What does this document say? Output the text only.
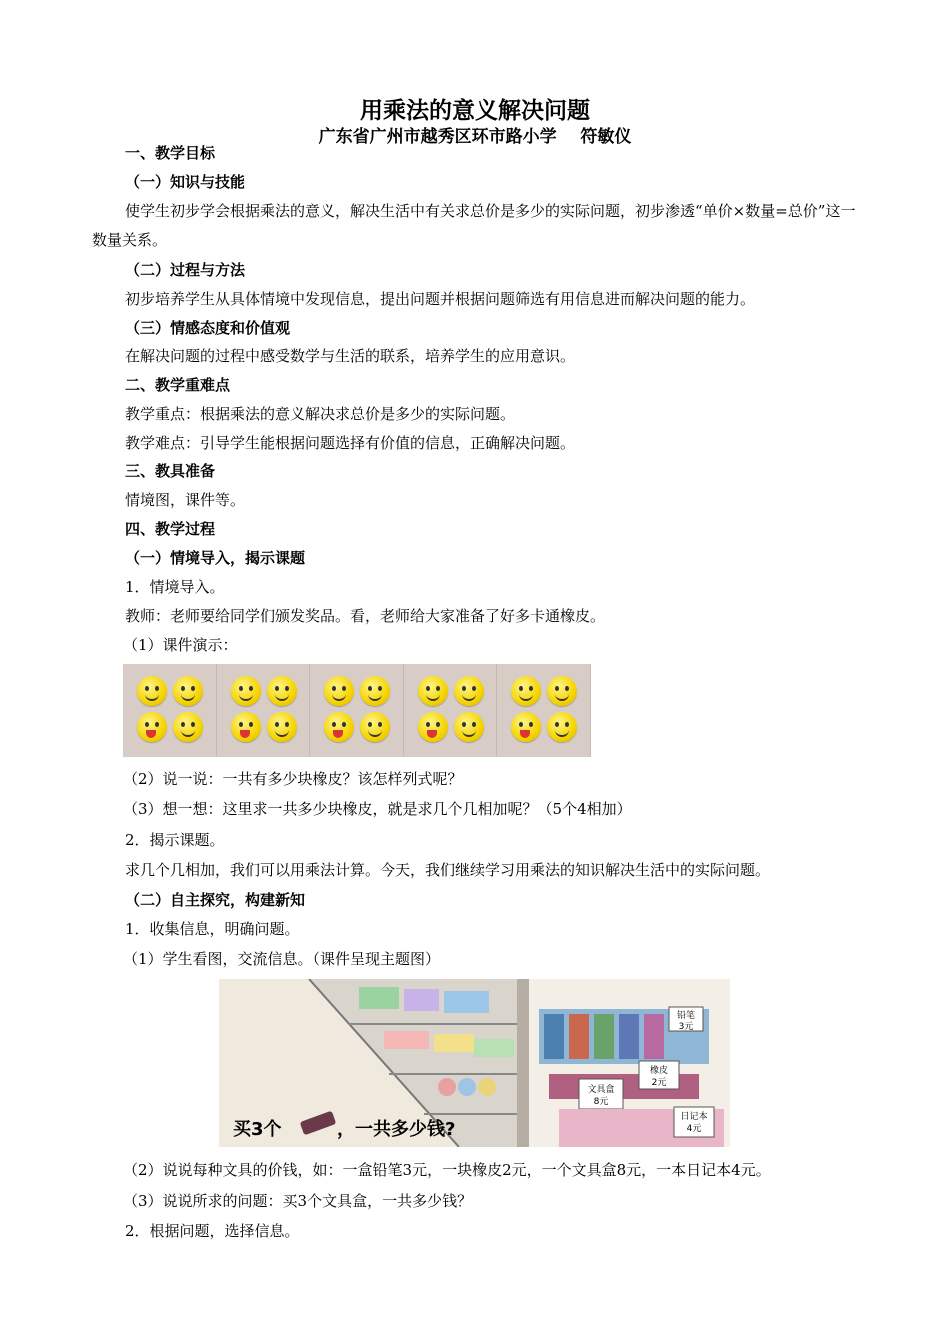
用乘法的意义解决问题
广东省广州市越秀区环市路小学    符敏仪
一、教学目标
（一）知识与技能
使学生初步学会根据乘法的意义，解决生活中有关求总价是多少的实际问题，初步渗透“单价×数量=总价”这一数量关系。
（二）过程与方法
初步培养学生从具体情境中发现信息，提出问题并根据问题筛选有用信息进而解决问题的能力。
（三）情感态度和价值观
在解决问题的过程中感受数学与生活的联系，培养学生的应用意识。
二、教学重难点
教学重点：根据乘法的意义解决求总价是多少的实际问题。
教学难点：引导学生能根据问题选择有价值的信息，正确解决问题。
三、教具准备
情境图，课件等。
四、教学过程
（一）情境导入，揭示课题
1．情境导入。
教师：老师要给同学们颁发奖品。看，老师给大家准备了好多卡通橡皮。
（1）课件演示：
（2）说一说：一共有多少块橡皮？该怎样列式呢？
（3）想一想：这里求一共多少块橡皮，就是求几个几相加呢？（5个4相加）
2．揭示课题。
求几个几相加，我们可以用乘法计算。今天，我们继续学习用乘法的知识解决生活中的实际问题。
（二）自主探究，构建新知
1．收集信息，明确问题。
（1）学生看图，交流信息。（课件呈现主题图）
铅笔
3元
文具盒
8元
橡皮
2元
日记本
4元
买3个	，一共多少钱?
（2）说说每种文具的价钱，如：一盒铅笔3元，一块橡皮2元，一个文具盒8元，一本日记本4元。
（3）说说所求的问题：买3个文具盒，一共多少钱？
2．根据问题，选择信息。
